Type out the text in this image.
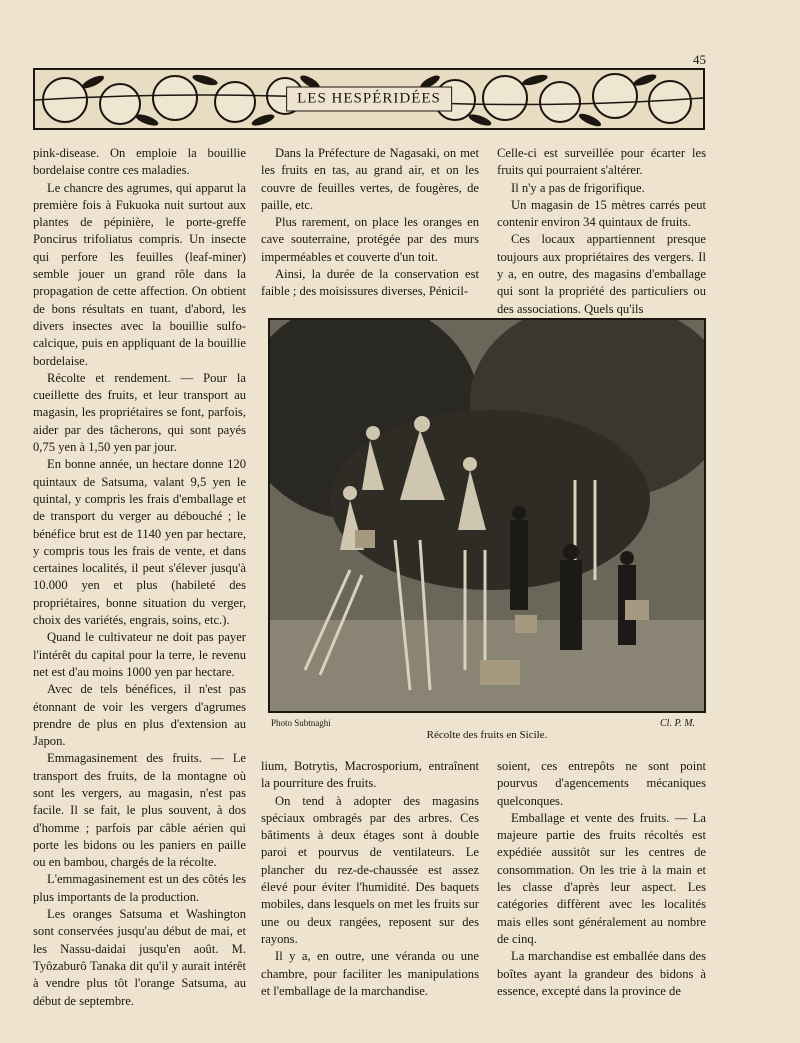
45
LES HESPÉRIDÉES

pink-disease. On emploie la bouillie bordelaise contre ces maladies.

Le chancre des agrumes, qui apparut la première fois à Fukuoka nuit surtout aux plantes de pépinière, le porte-greffe Poncirus trifoliatus compris. Un insecte qui perfore les feuilles (leaf-miner) semble jouer un grand rôle dans la propagation de cette affection. On obtient de bons résultats en tuant, d'abord, les divers insectes avec la bouillie sulfo-calcique, puis en appliquant de la bouillie bordelaise.

Récolte et rendement. — Pour la cueillette des fruits, et leur transport au magasin, les propriétaires se font, parfois, aider par des tâcherons, qui sont payés 0,75 yen à 1,50 yen par jour.

En bonne année, un hectare donne 120 quintaux de Satsuma, valant 9,5 yen le quintal, y compris les frais d'emballage et de transport du verger au débouché ; le bénéfice brut est de 1140 yen par hectare, y compris tous les frais de vente, et dans certaines localités, il peut s'élever jusqu'à 10.000 yen et plus (habileté des propriétaires, bonne situation du verger, choix des variétés, engrais, soins, etc.).

Quand le cultivateur ne doit pas payer l'intérêt du capital pour la terre, le revenu net est d'au moins 1000 yen par hectare.

Avec de tels bénéfices, il n'est pas étonnant de voir les vergers d'agrumes prendre de plus en plus d'extension au Japon.

Emmagasinement des fruits. — Le transport des fruits, de la montagne où sont les vergers, au magasin, n'est pas facile. Il se fait, le plus souvent, à dos d'homme ; parfois par câble aérien qui porte les bidons ou les paniers en paille ou en bambou, chargés de la récolte.

L'emmagasinement est un des côtés les plus importants de la production.

Les oranges Satsuma et Washington sont conservées jusqu'au début de mai, et les Nassu-daidai jusqu'en août. M. Tyôzaburô Tanaka dit qu'il y aurait intérêt à vendre plus tôt l'orange Satsuma, au début de septembre.

Dans la Préfecture de Nagasaki, on met les fruits en tas, au grand air, et on les couvre de feuilles vertes, de fougères, de paille, etc.

Plus rarement, on place les oranges en cave souterraine, protégée par des murs imperméables et couverte d'un toit.

Ainsi, la durée de la conservation est faible ; des moisissures diverses, Pénicil-

Celle-ci est surveillée pour écarter les fruits qui pourraient s'altérer.

Il n'y a pas de frigorifique.

Un magasin de 15 mètres carrés peut contenir environ 34 quintaux de fruits.

Ces locaux appartiennent presque toujours aux propriétaires des vergers. Il y a, en outre, des magasins d'emballage qui sont la propriété des particuliers ou des associations. Quels qu'ils

Photo Subtnaghi	Cl. P. M.
Récolte des fruits en Sicile.

lium, Botrytis, Macrosporium, entraînent la pourriture des fruits.

On tend à adopter des magasins spéciaux ombragés par des arbres. Ces bâtiments à deux étages sont à double paroi et pourvus de ventilateurs. Le plancher du rez-de-chaussée est assez élevé pour éviter l'humidité. Des baquets mobiles, dans lesquels on met les fruits sur une ou deux rangées, reposent sur des rayons.

Il y a, en outre, une véranda ou une chambre, pour faciliter les manipulations et l'emballage de la marchandise.

soient, ces entrepôts ne sont point pourvus d'agencements mécaniques quelconques.

Emballage et vente des fruits. — La majeure partie des fruits récoltés est expédiée aussitôt sur les centres de consommation. On les trie à la main et les classe d'après leur aspect. Les catégories diffèrent avec les localités mais elles sont généralement au nombre de cinq.

La marchandise est emballée dans des boîtes ayant la grandeur des bidons à essence, excepté dans la province de
